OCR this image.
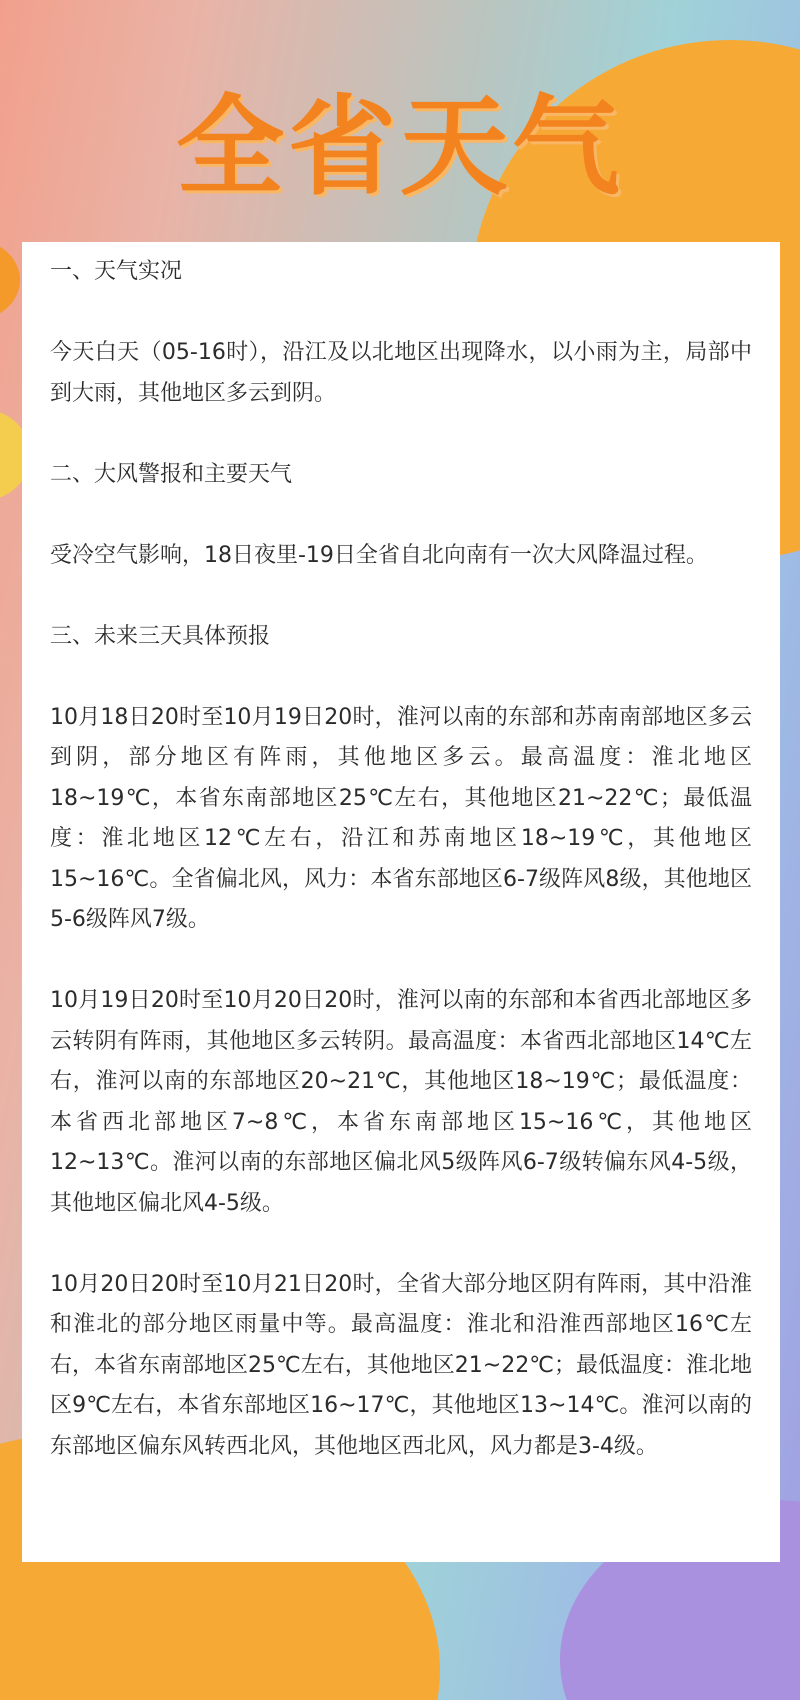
全省天气

一、天气实况

今天白天（05-16时），沿江及以北地区出现降水，以小雨为主，局部中到大雨，其他地区多云到阴。

二、大风警报和主要天气

受冷空气影响，18日夜里-19日全省自北向南有一次大风降温过程。

三、未来三天具体预报

10月18日20时至10月19日20时，淮河以南的东部和苏南南部地区多云到阴，部分地区有阵雨，其他地区多云。最高温度：淮北地区18~19℃，本省东南部地区25℃左右，其他地区21~22℃；最低温度：淮北地区12℃左右，沿江和苏南地区18~19℃，其他地区15~16℃。全省偏北风，风力：本省东部地区6-7级阵风8级，其他地区5-6级阵风7级。

10月19日20时至10月20日20时，淮河以南的东部和本省西北部地区多云转阴有阵雨，其他地区多云转阴。最高温度：本省西北部地区14℃左右，淮河以南的东部地区20~21℃，其他地区18~19℃；最低温度：本省西北部地区7~8℃，本省东南部地区15~16℃，其他地区12~13℃。淮河以南的东部地区偏北风5级阵风6-7级转偏东风4-5级，其他地区偏北风4-5级。

10月20日20时至10月21日20时，全省大部分地区阴有阵雨，其中沿淮和淮北的部分地区雨量中等。最高温度：淮北和沿淮西部地区16℃左右，本省东南部地区25℃左右，其他地区21~22℃；最低温度：淮北地区9℃左右，本省东部地区16~17℃，其他地区13~14℃。淮河以南的东部地区偏东风转西北风，其他地区西北风，风力都是3-4级。
